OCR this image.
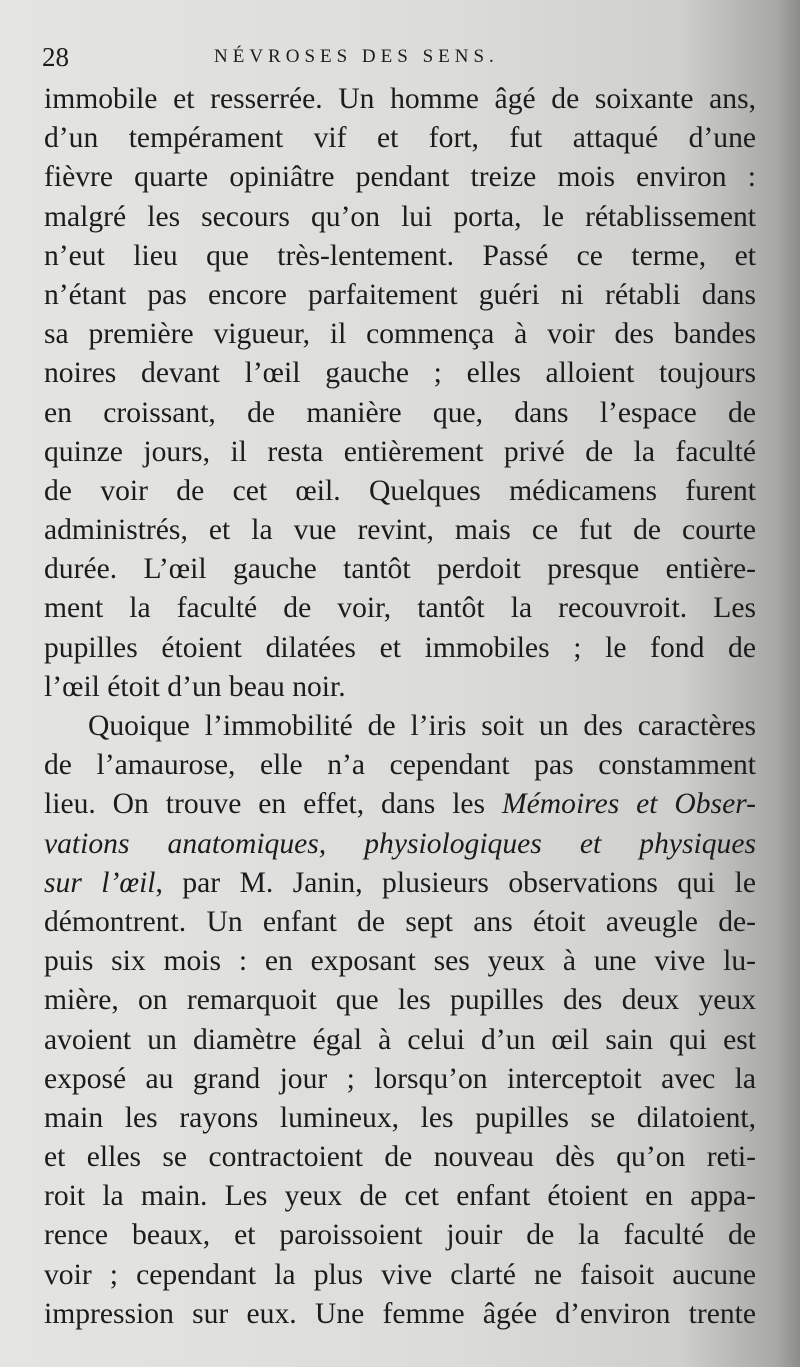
28	NÉVROSES DES SENS.
immobile et resserrée. Un homme âgé de soixante ans,
d’un tempérament vif et fort, fut attaqué d’une
fièvre quarte opiniâtre pendant treize mois environ :
malgré les secours qu’on lui porta, le rétablissement
n’eut lieu que très-lentement. Passé ce terme, et
n’étant pas encore parfaitement guéri ni rétabli dans
sa première vigueur, il commença à voir des bandes
noires devant l’œil gauche ; elles alloient toujours
en croissant, de manière que, dans l’espace de
quinze jours, il resta entièrement privé de la faculté
de voir de cet œil. Quelques médicamens furent
administrés, et la vue revint, mais ce fut de courte
durée. L’œil gauche tantôt perdoit presque entière-
ment la faculté de voir, tantôt la recouvroit. Les
pupilles étoient dilatées et immobiles ; le fond de
l’œil étoit d’un beau noir.
Quoique l’immobilité de l’iris soit un des caractères
de l’amaurose, elle n’a cependant pas constamment
lieu. On trouve en effet, dans les Mémoires et Obser-
vations anatomiques, physiologiques et physiques
sur l’œil, par M. Janin, plusieurs observations qui le
démontrent. Un enfant de sept ans étoit aveugle de-
puis six mois : en exposant ses yeux à une vive lu-
mière, on remarquoit que les pupilles des deux yeux
avoient un diamètre égal à celui d’un œil sain qui est
exposé au grand jour ; lorsqu’on interceptoit avec la
main les rayons lumineux, les pupilles se dilatoient,
et elles se contractoient de nouveau dès qu’on reti-
roit la main. Les yeux de cet enfant étoient en appa-
rence beaux, et paroissoient jouir de la faculté de
voir ; cependant la plus vive clarté ne faisoit aucune
impression sur eux. Une femme âgée d’environ trente
